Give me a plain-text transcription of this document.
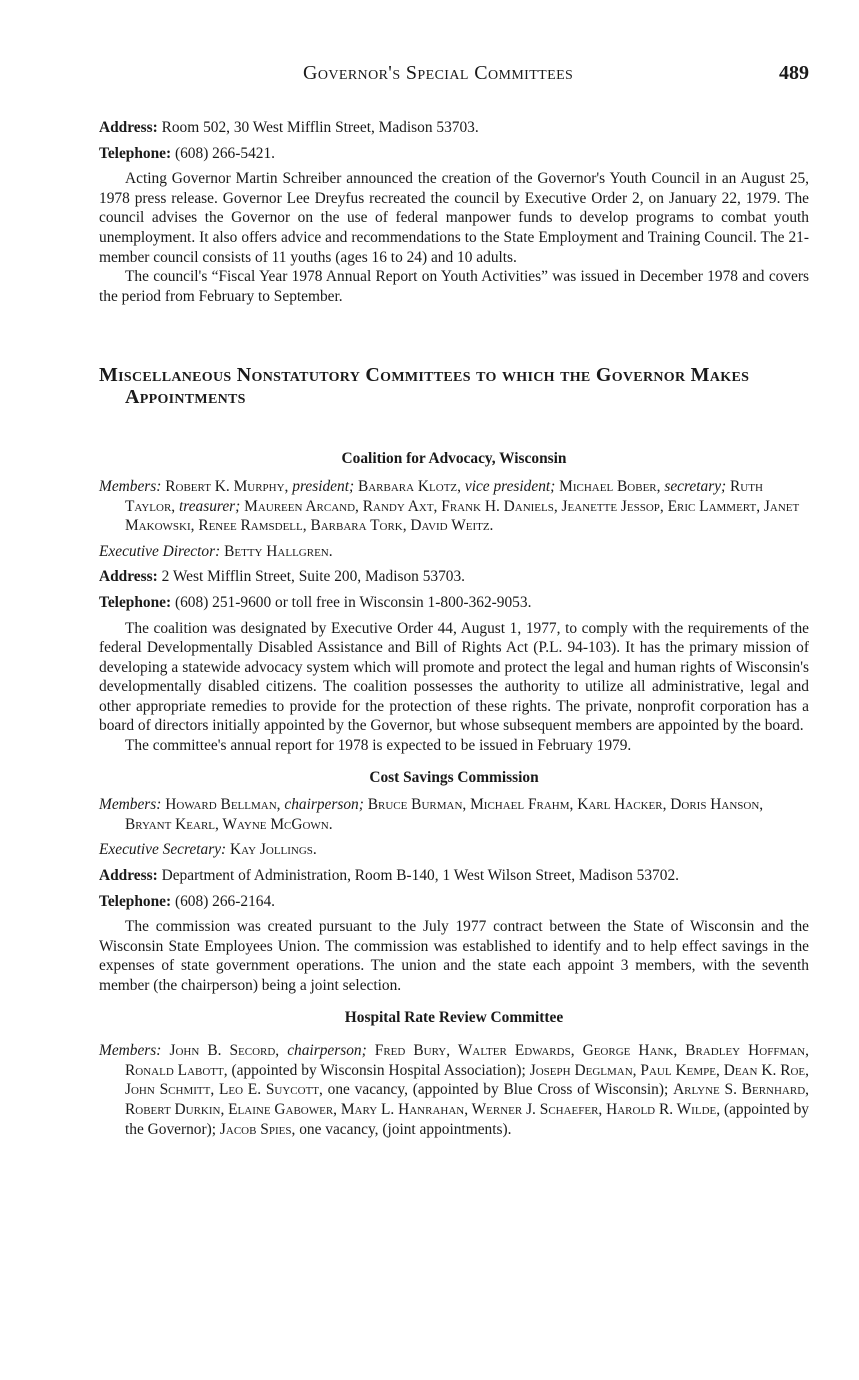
Governor's Special Committees	489

Address: Room 502, 30 West Mifflin Street, Madison 53703.

Telephone: (608) 266-5421.

Acting Governor Martin Schreiber announced the creation of the Governor's Youth Council in an August 25, 1978 press release. Governor Lee Dreyfus recreated the council by Executive Order 2, on January 22, 1979. The council advises the Governor on the use of federal manpower funds to develop programs to combat youth unemployment. It also offers advice and recommendations to the State Employment and Training Council. The 21-member council consists of 11 youths (ages 16 to 24) and 10 adults.

The council's “Fiscal Year 1978 Annual Report on Youth Activities” was issued in December 1978 and covers the period from February to September.

Miscellaneous Nonstatutory Committees to which the Governor Makes Appointments

Coalition for Advocacy, Wisconsin

Members: Robert K. Murphy, president; Barbara Klotz, vice president; Michael Bober, secretary; Ruth Taylor, treasurer; Maureen Arcand, Randy Axt, Frank H. Daniels, Jeanette Jessop, Eric Lammert, Janet Makowski, Renee Ramsdell, Barbara Tork, David Weitz.

Executive Director: Betty Hallgren.

Address: 2 West Mifflin Street, Suite 200, Madison 53703.

Telephone: (608) 251-9600 or toll free in Wisconsin 1-800-362-9053.

The coalition was designated by Executive Order 44, August 1, 1977, to comply with the requirements of the federal Developmentally Disabled Assistance and Bill of Rights Act (P.L. 94-103). It has the primary mission of developing a statewide advocacy system which will promote and protect the legal and human rights of Wisconsin's developmentally disabled citizens. The coalition possesses the authority to utilize all administrative, legal and other appropriate remedies to provide for the protection of these rights. The private, nonprofit corporation has a board of directors initially appointed by the Governor, but whose subsequent members are appointed by the board.

The committee's annual report for 1978 is expected to be issued in February 1979.

Cost Savings Commission

Members: Howard Bellman, chairperson; Bruce Burman, Michael Frahm, Karl Hacker, Doris Hanson, Bryant Kearl, Wayne McGown.

Executive Secretary: Kay Jollings.

Address: Department of Administration, Room B-140, 1 West Wilson Street, Madison 53702.

Telephone: (608) 266-2164.

The commission was created pursuant to the July 1977 contract between the State of Wisconsin and the Wisconsin State Employees Union. The commission was established to identify and to help effect savings in the expenses of state government operations. The union and the state each appoint 3 members, with the seventh member (the chairperson) being a joint selection.

Hospital Rate Review Committee

Members: John B. Secord, chairperson; Fred Bury, Walter Edwards, George Hank, Bradley Hoffman, Ronald Labott, (appointed by Wisconsin Hospital Association); Joseph Deglman, Paul Kempe, Dean K. Roe, John Schmitt, Leo E. Suycott, one vacancy, (appointed by Blue Cross of Wisconsin); Arlyne S. Bernhard, Robert Durkin, Elaine Gabower, Mary L. Hanrahan, Werner J. Schaefer, Harold R. Wilde, (appointed by the Governor); Jacob Spies, one vacancy, (joint appointments).
